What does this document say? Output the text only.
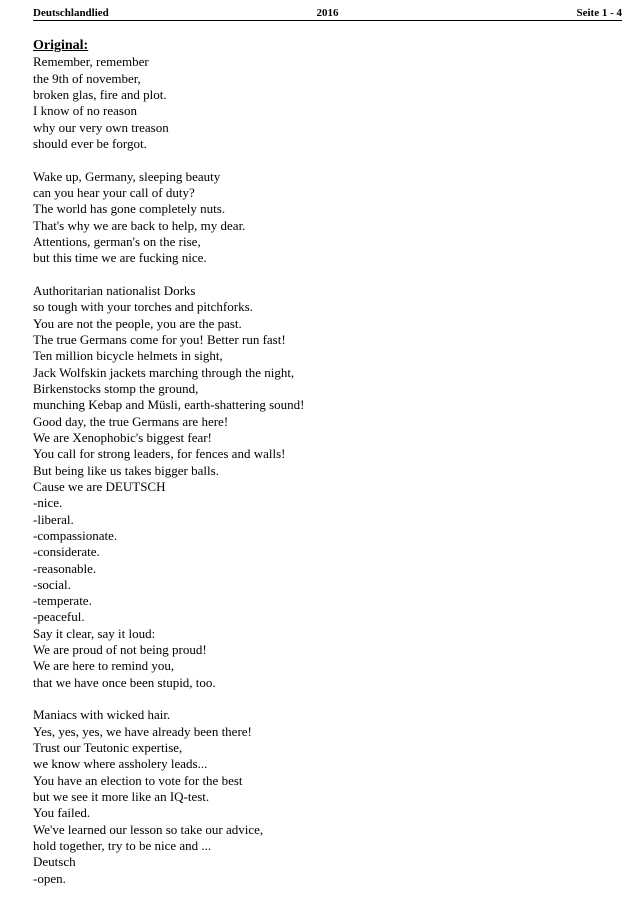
Deutschlandlied	2016	Seite 1 - 4
Original:
Remember, remember
the 9th of november,
broken glas, fire and plot.
I know of no reason
why our very own treason
should ever be forgot.
Wake up, Germany, sleeping beauty
can you hear your call of duty?
The world has gone completely nuts.
That's why we are back to help, my dear.
Attentions, german's on the rise,
but this time we are fucking nice.
Authoritarian nationalist Dorks
so tough with your torches and pitchforks.
You are not the people, you are the past.
The true Germans come for you! Better run fast!
Ten million bicycle helmets in sight,
Jack Wolfskin jackets marching through the night,
Birkenstocks stomp the ground,
munching Kebap and Müsli, earth-shattering sound!
Good day, the true Germans are here!
We are Xenophobic's biggest fear!
You call for strong leaders, for fences and walls!
But being like us takes bigger balls.
Cause we are DEUTSCH
-nice.
-liberal.
-compassionate.
-considerate.
-reasonable.
-social.
-temperate.
-peaceful.
Say it clear, say it loud:
We are proud of not being proud!
We are here to remind you,
that we have once been stupid, too.
Maniacs with wicked hair.
Yes, yes, yes, we have already been there!
Trust our Teutonic expertise,
we know where assholery leads...
You have an election to vote for the best
but we see it more like an IQ-test.
You failed.
We've learned our lesson so take our advice,
hold together, try to be nice and ...
Deutsch
-open.
